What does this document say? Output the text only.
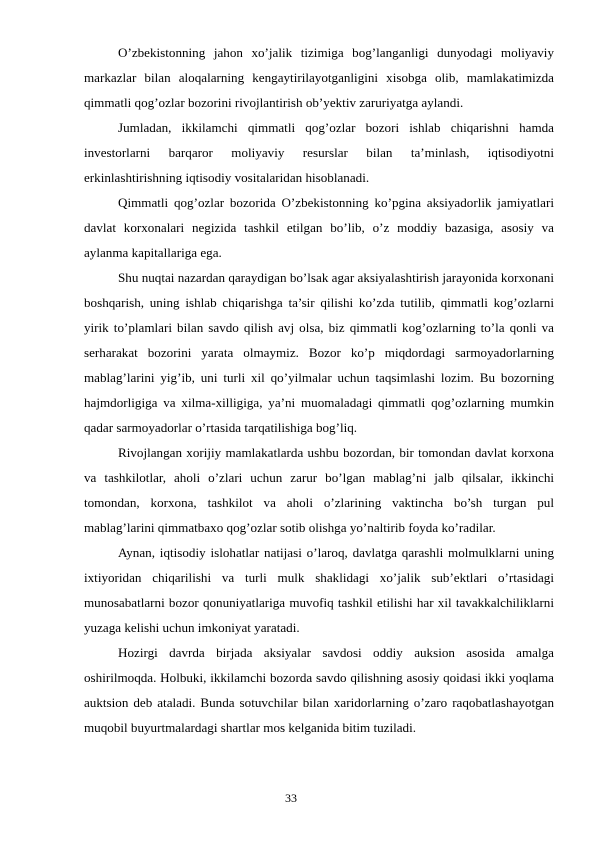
O’zbekistonning jahon xo’jalik tizimiga bog’langanligi dunyodagi moliyaviy markazlar bilan aloqalarning kengaytirilayotganligini xisobga olib, mamlakatimizda qimmatli qog’ozlar bozorini rivojlantirish ob’yektiv zaruriyatga aylandi.

Jumladan, ikkilamchi qimmatli qog’ozlar bozori ishlab chiqarishni hamda investorlarni barqaror moliyaviy resurslar bilan ta’minlash, iqtisodiyotni erkinlashtirishning iqtisodiy vositalaridan hisoblanadi.

Qimmatli qog’ozlar bozorida O’zbekistonning ko’pgina aksiyadorlik jamiyatlari davlat korxonalari negizida tashkil etilgan bo’lib, o’z moddiy bazasiga, asosiy va aylanma kapitallariga ega.

Shu nuqtai nazardan qaraydigan bo’lsak agar aksiyalashtirish jarayonida korxonani boshqarish, uning ishlab chiqarishga ta’sir qilishi ko’zda tutilib, qimmatli kog’ozlarni yirik to’plamlari bilan savdo qilish avj olsa, biz qimmatli kog’ozlarning to’la qonli va serharakat bozorini yarata olmaymiz. Bozor ko’p miqdordagi sarmoyadorlarning mablag’larini yig’ib, uni turli xil qo’yilmalar uchun taqsimlashi lozim. Bu bozorning hajmdorligiga va xilma-xilligiga, ya’ni muomaladagi qimmatli qog’ozlarning mumkin qadar sarmoyadorlar o’rtasida tarqatilishiga bog’liq.

Rivojlangan xorijiy mamlakatlarda ushbu bozordan, bir tomondan davlat korxona va tashkilotlar, aholi o’zlari uchun zarur bo’lgan mablag’ni jalb qilsalar, ikkinchi tomondan, korxona, tashkilot va aholi o’zlarining vaktincha bo’sh turgan pul mablag’larini qimmatbaxo qog’ozlar sotib olishga yo’naltirib foyda ko’radilar.

Aynan, iqtisodiy islohatlar natijasi o’laroq, davlatga qarashli molmulklarni uning ixtiyoridan chiqarilishi va turli mulk shaklidagi xo’jalik sub’ektlari o’rtasidagi munosabatlarni bozor qonuniyatlariga muvofiq tashkil etilishi har xil tavakkalchiliklarni yuzaga kelishi uchun imkoniyat yaratadi.

Hozirgi davrda birjada aksiyalar savdosi oddiy auksion asosida amalga oshirilmoqda. Holbuki, ikkilamchi bozorda savdo qilishning asosiy qoidasi ikki yoqlama auktsion deb ataladi. Bunda sotuvchilar bilan xaridorlarning o’zaro raqobatlashayotgan muqobil buyurtmalardagi shartlar mos kelganida bitim tuziladi.

33
